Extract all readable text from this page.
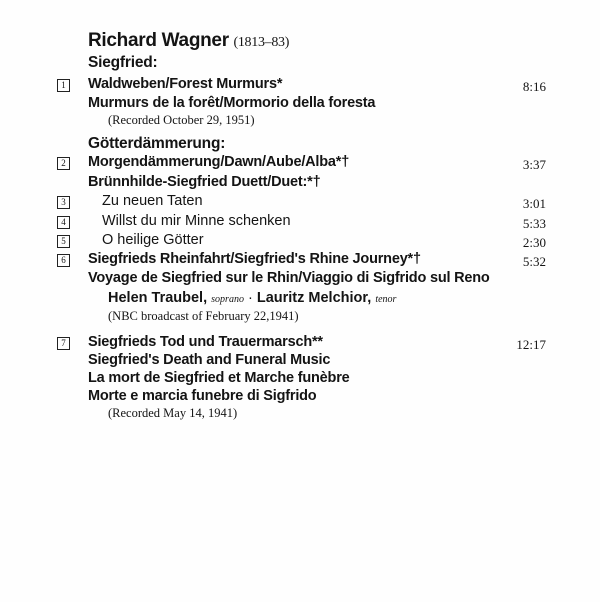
Richard Wagner (1813–83)
Siegfried:
1 Waldweben/Forest Murmurs*	8:16
Murmurs de la forêt/Mormorio della foresta
(Recorded October 29, 1951)
Götterdämmerung:
2 Morgendämmerung/Dawn/Aube/Alba*†	3:37
Brünnhilde-Siegfried Duett/Duet:*†
3	Zu neuen Taten	3:01
4	Willst du mir Minne schenken	5:33
5	O heilige Götter	2:30
6 Siegfrieds Rheinfahrt/Siegfried's Rhine Journey*†	5:32
Voyage de Siegfried sur le Rhin/Viaggio di Sigfrido sul Reno
Helen Traubel, soprano · Lauritz Melchior, tenor
(NBC broadcast of February 22,1941)
7 Siegfrieds Tod und Trauermarsch**	12:17
Siegfried's Death and Funeral Music
La mort de Siegfried et Marche funèbre
Morte e marcia funebre di Sigfrido
(Recorded May 14, 1941)
